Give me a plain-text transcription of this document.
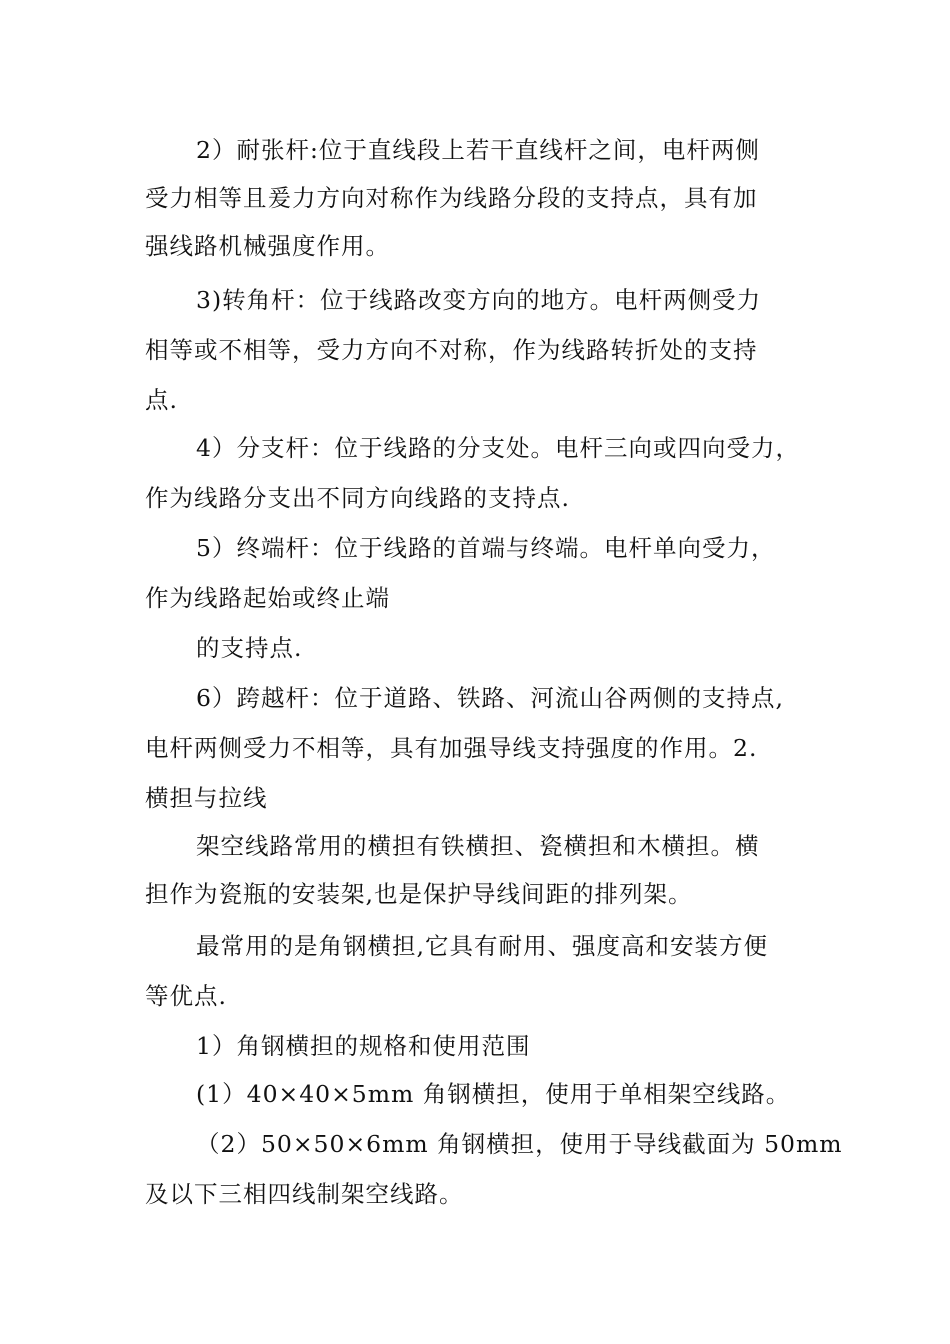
2）耐张杆:位于直线段上若干直线杆之间，电杆两侧
受力相等且爰力方向对称作为线路分段的支持点，具有加
强线路机械强度作用。
3)转角杆：位于线路改变方向的地方。电杆两侧受力
相等或不相等，受力方向不对称，作为线路转折处的支持
点.
4）分支杆：位于线路的分支处。电杆三向或四向受力，
作为线路分支出不同方向线路的支持点.
5）终端杆：位于线路的首端与终端。电杆单向受力，
作为线路起始或终止端
的支持点.
6）跨越杆：位于道路、铁路、河流山谷两侧的支持点,
电杆两侧受力不相等，具有加强导线支持强度的作用。2.
横担与拉线
架空线路常用的横担有铁横担、瓷横担和木横担。横
担作为瓷瓶的安装架,也是保护导线间距的排列架。
最常用的是角钢横担,它具有耐用、强度高和安装方便
等优点.
1）角钢横担的规格和使用范围
(1）40×40×5mm 角钢横担，使用于单相架空线路。
（2）50×50×6mm 角钢横担，使用于导线截面为 50mm
及以下三相四线制架空线路。
